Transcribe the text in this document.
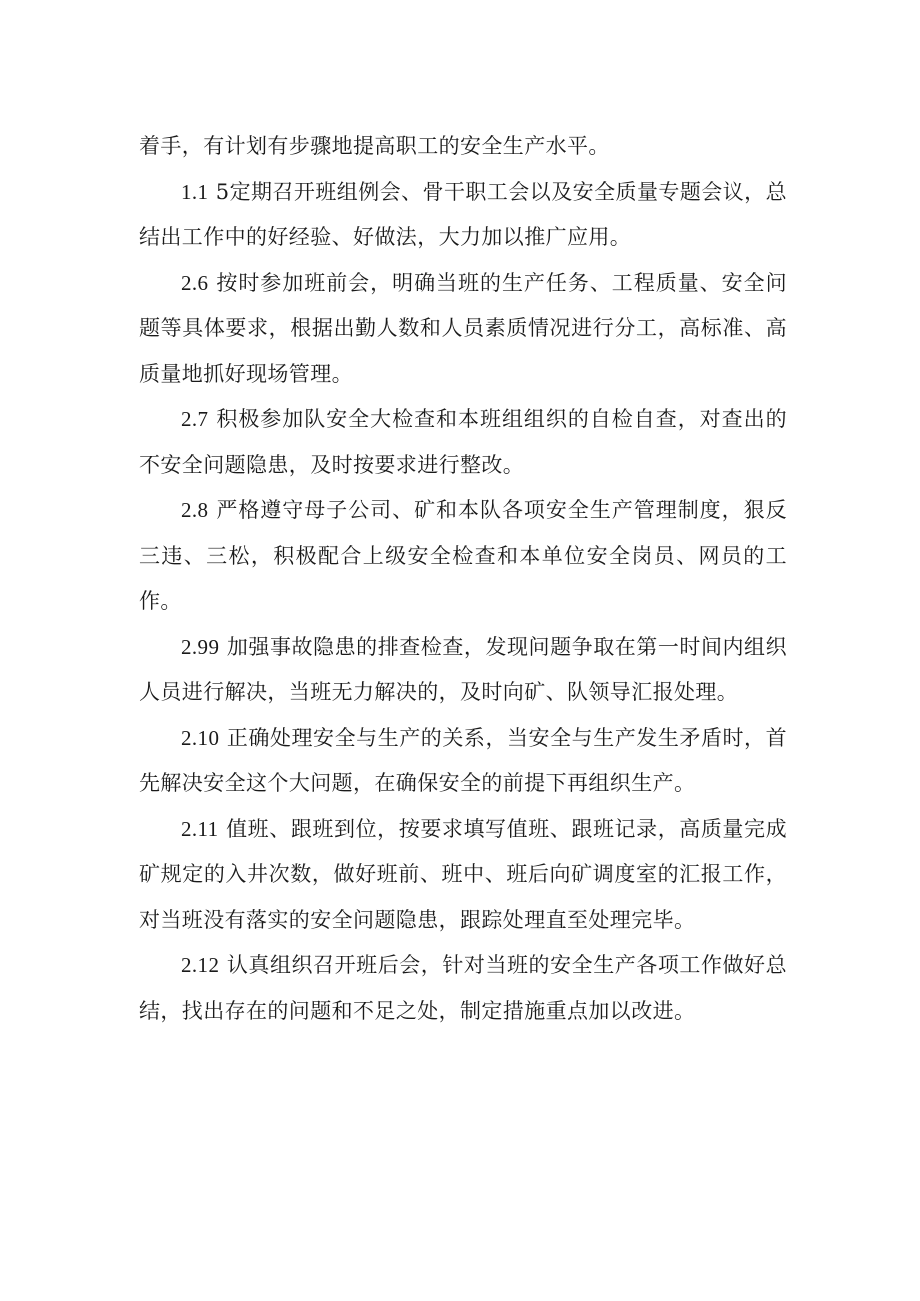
着手，有计划有步骤地提高职工的安全生产水平。

1.1 5定期召开班组例会、骨干职工会以及安全质量专题会议，总结出工作中的好经验、好做法，大力加以推广应用。

2.6 按时参加班前会，明确当班的生产任务、工程质量、安全问题等具体要求，根据出勤人数和人员素质情况进行分工，高标准、高质量地抓好现场管理。

2.7 积极参加队安全大检查和本班组组织的自检自查，对查出的不安全问题隐患，及时按要求进行整改。

2.8 严格遵守母子公司、矿和本队各项安全生产管理制度，狠反三违、三松，积极配合上级安全检查和本单位安全岗员、网员的工作。

2.99 加强事故隐患的排查检查，发现问题争取在第一时间内组织人员进行解决，当班无力解决的，及时向矿、队领导汇报处理。

2.10 正确处理安全与生产的关系，当安全与生产发生矛盾时，首先解决安全这个大问题，在确保安全的前提下再组织生产。

2.11 值班、跟班到位，按要求填写值班、跟班记录，高质量完成矿规定的入井次数，做好班前、班中、班后向矿调度室的汇报工作，对当班没有落实的安全问题隐患，跟踪处理直至处理完毕。

2.12 认真组织召开班后会，针对当班的安全生产各项工作做好总结，找出存在的问题和不足之处，制定措施重点加以改进。
